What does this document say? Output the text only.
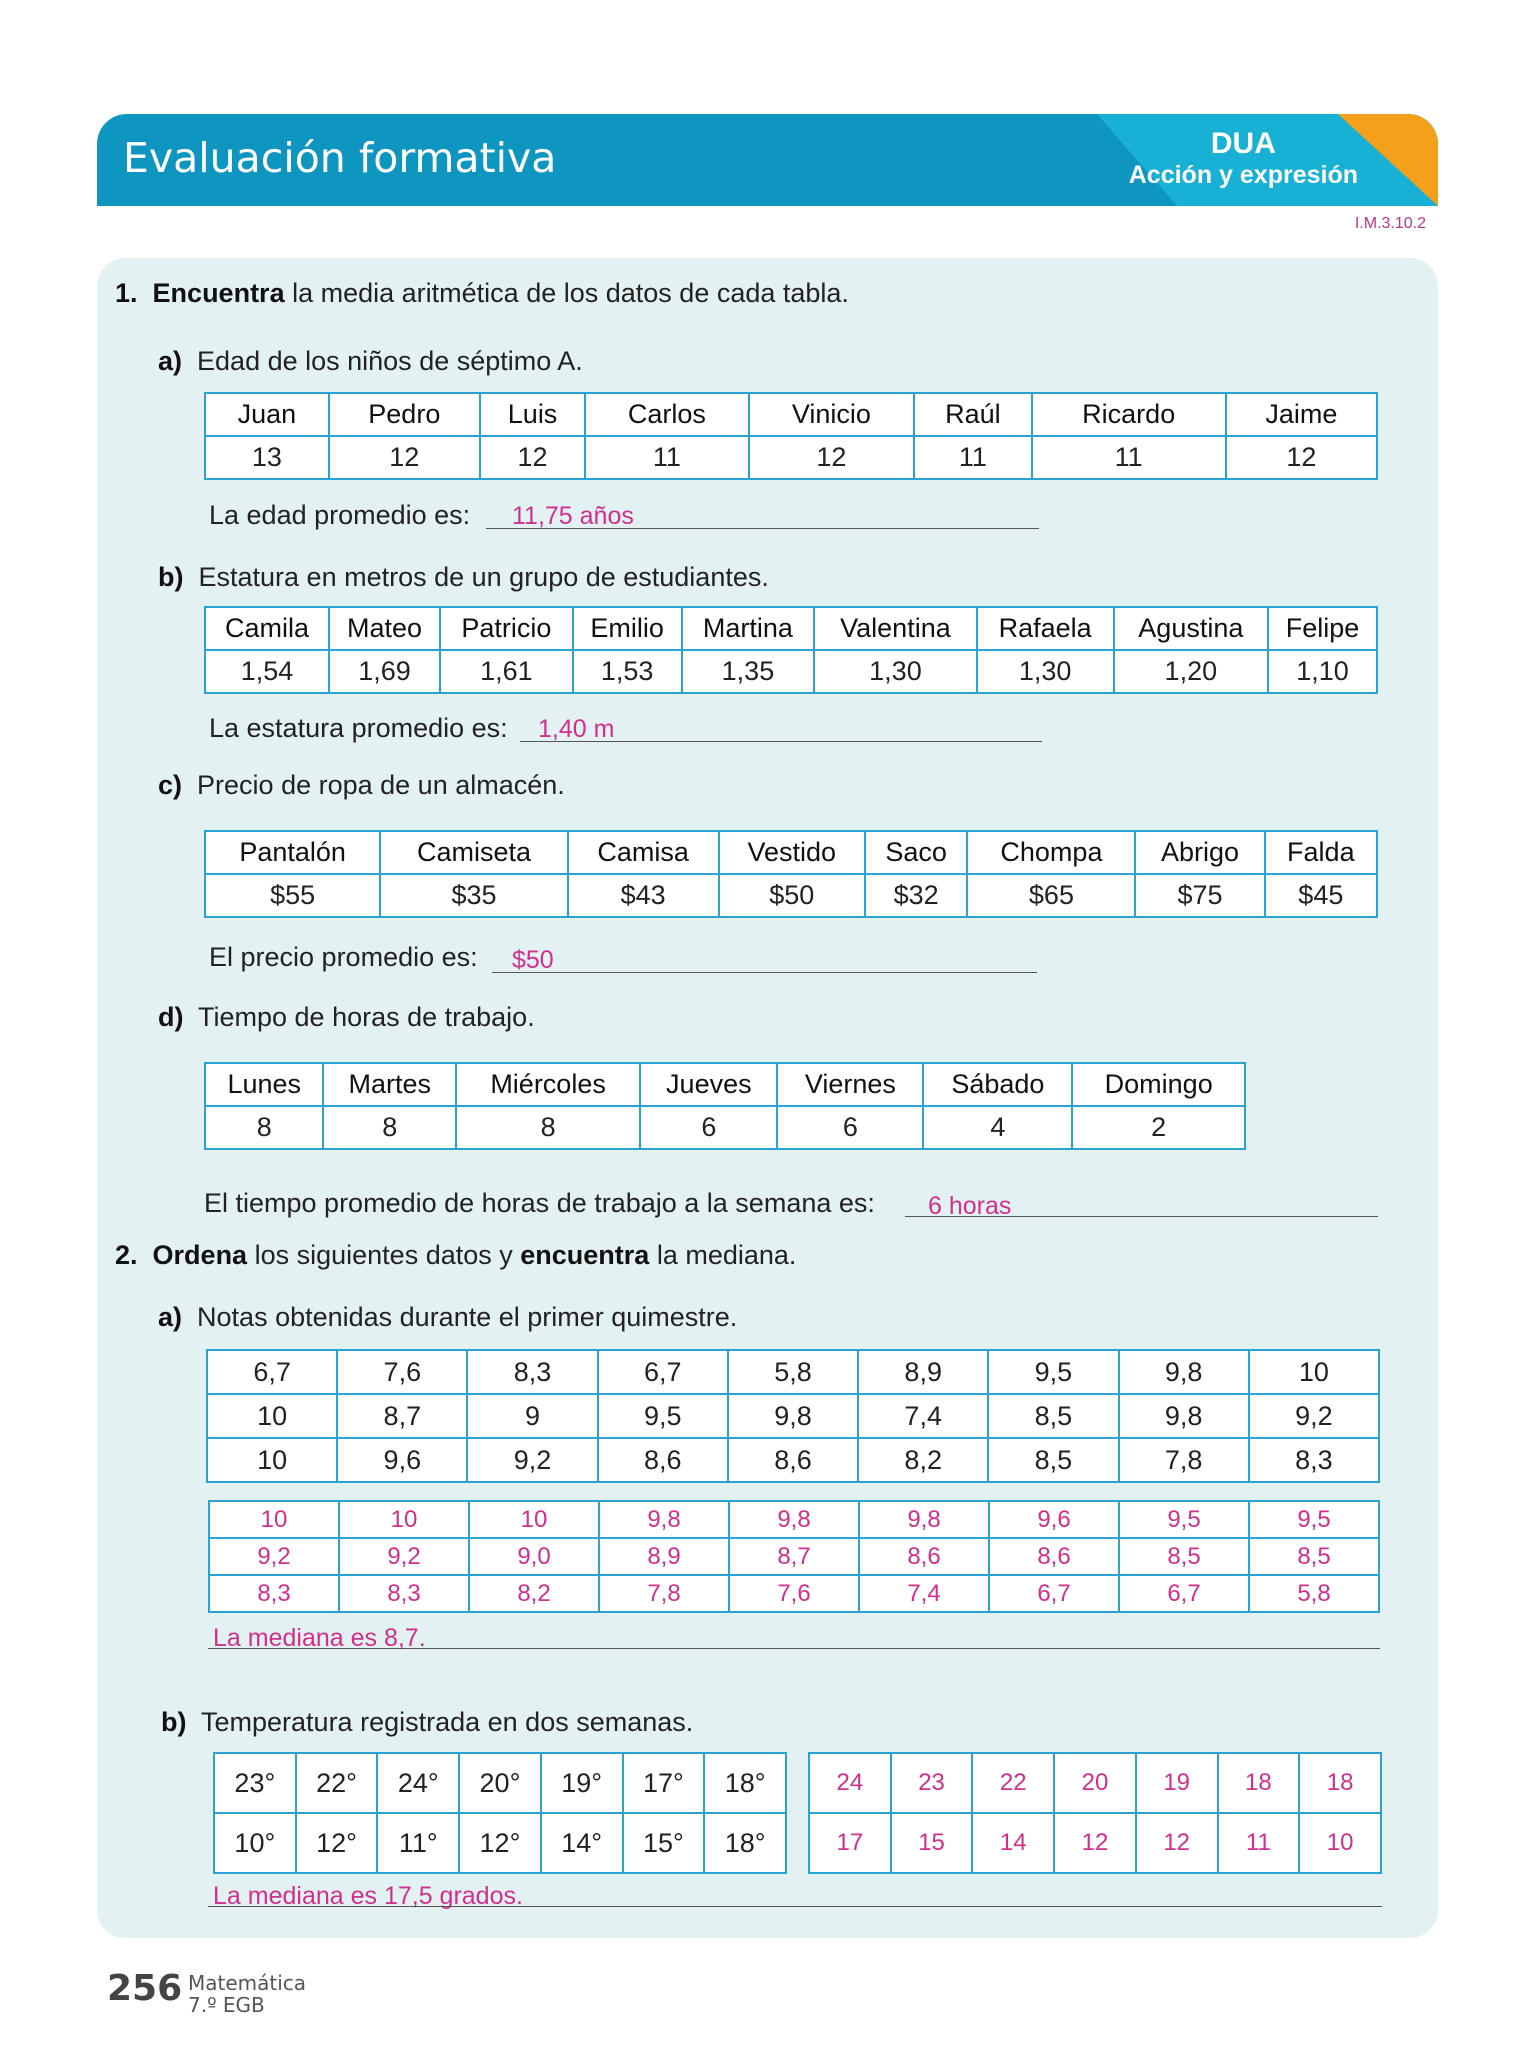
Evaluación formativa	DUA
Acción y expresión
I.M.3.10.2
1. Encuentra la media aritmética de los datos de cada tabla.
a) Edad de los niños de séptimo A.
Juan	Pedro	Luis	Carlos	Vinicio	Raúl	Ricardo	Jaime
13	12	12	11	12	11	11	12
La edad promedio es: 11,75 años
b) Estatura en metros de un grupo de estudiantes.
Camila	Mateo	Patricio	Emilio	Martina	Valentina	Rafaela	Agustina	Felipe
1,54	1,69	1,61	1,53	1,35	1,30	1,30	1,20	1,10
La estatura promedio es: 1,40 m
c) Precio de ropa de un almacén.
Pantalón	Camiseta	Camisa	Vestido	Saco	Chompa	Abrigo	Falda
$55	$35	$43	$50	$32	$65	$75	$45
El precio promedio es: $50
d) Tiempo de horas de trabajo.
Lunes	Martes	Miércoles	Jueves	Viernes	Sábado	Domingo
8	8	8	6	6	4	2
El tiempo promedio de horas de trabajo a la semana es: 6 horas
2. Ordena los siguientes datos y encuentra la mediana.
a) Notas obtenidas durante el primer quimestre.
6,7	7,6	8,3	6,7	5,8	8,9	9,5	9,8	10
10	8,7	9	9,5	9,8	7,4	8,5	9,8	9,2
10	9,6	9,2	8,6	8,6	8,2	8,5	7,8	8,3
10	10	10	9,8	9,8	9,8	9,6	9,5	9,5
9,2	9,2	9,0	8,9	8,7	8,6	8,6	8,5	8,5
8,3	8,3	8,2	7,8	7,6	7,4	6,7	6,7	5,8
La mediana es 8,7.
b) Temperatura registrada en dos semanas.
23°	22°	24°	20°	19°	17°	18°
10°	12°	11°	12°	14°	15°	18°
24	23	22	20	19	18	18
17	15	14	12	12	11	10
La mediana es 17,5 grados.
256 Matemática
7.º EGB
